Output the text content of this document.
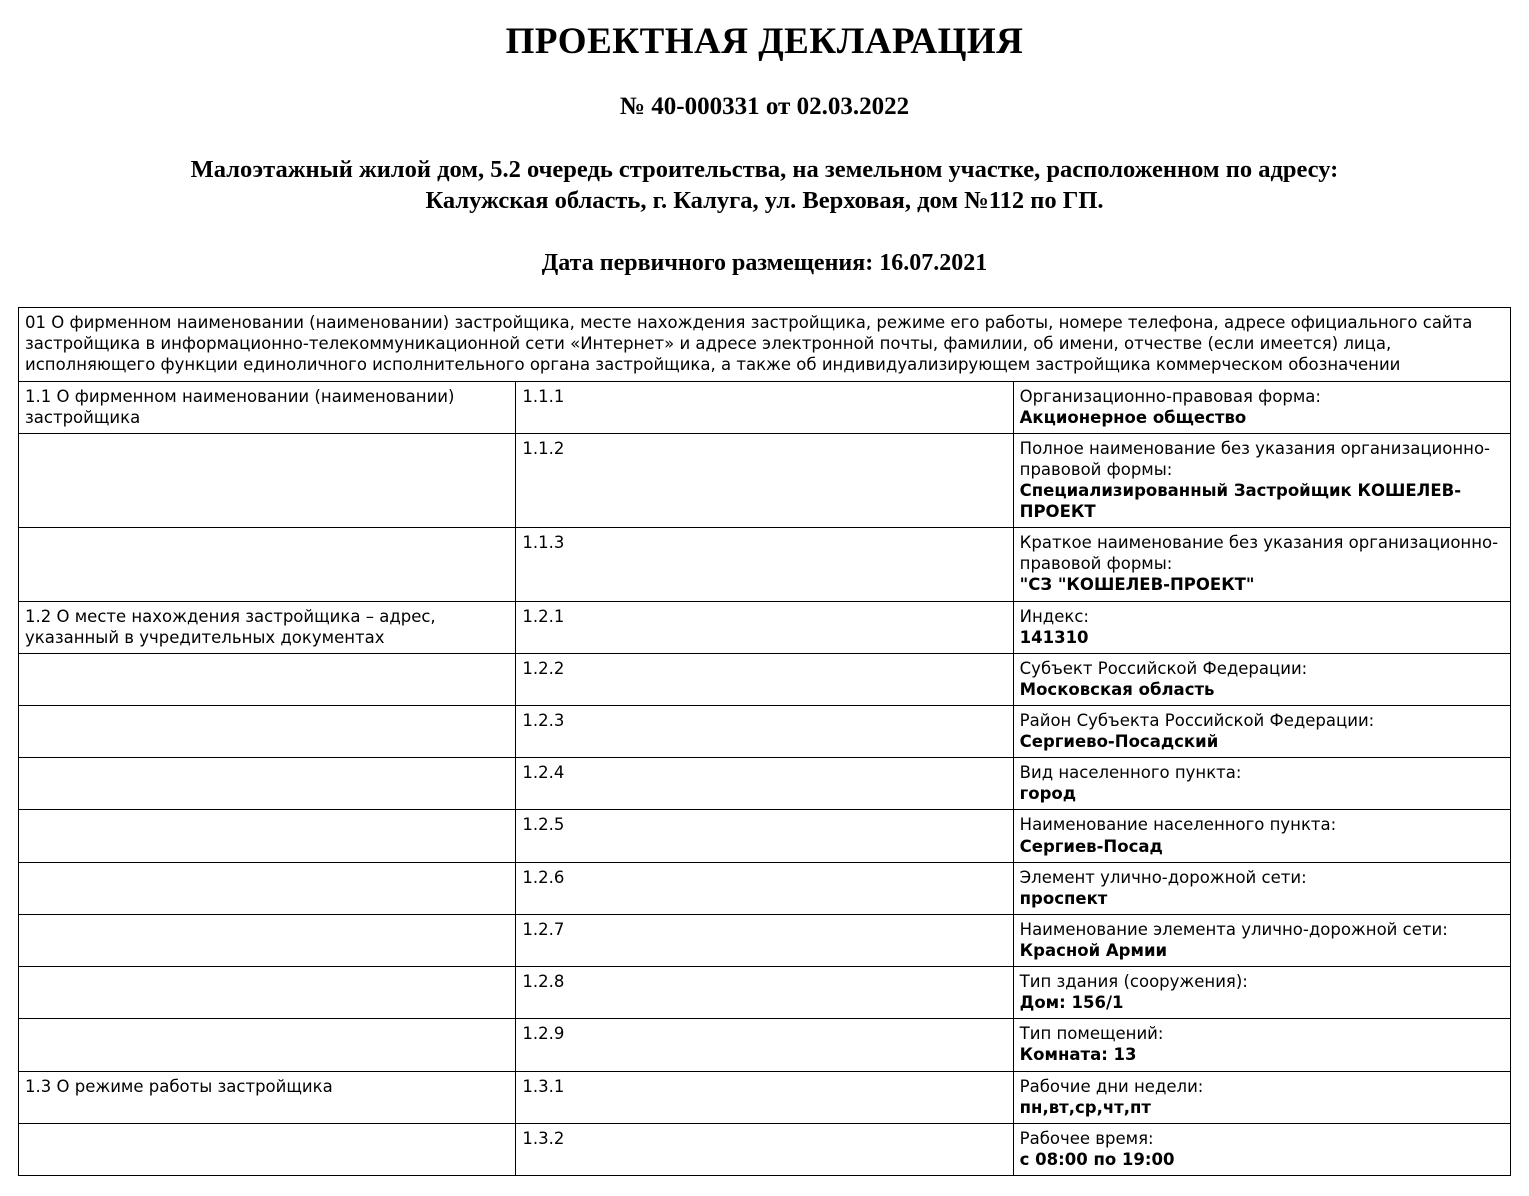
ПРОЕКТНАЯ ДЕКЛАРАЦИЯ
№ 40-000331 от 02.03.2022
Малоэтажный жилой дом, 5.2 очередь строительства, на земельном участке, расположенном по адресу:
Калужская область, г. Калуга, ул. Верховая, дом №112 по ГП.
Дата первичного размещения: 16.07.2021
01 О фирменном наименовании (наименовании) застройщика, месте нахождения застройщика, режиме его работы, номере телефона, адресе официального сайта застройщика в информационно-телекоммуникационной сети «Интернет» и адресе электронной почты, фамилии, об имени, отчестве (если имеется) лица, исполняющего функции единоличного исполнительного органа застройщика, а также об индивидуализирующем застройщика коммерческом обозначении		
1.1 О фирменном наименовании (наименовании) застройщика	1.1.1	Организационно-правовая форма:
Акционерное общество

	1.1.2	Полное наименование без указания организационно-правовой формы:
Специализированный Застройщик КОШЕЛЕВ-ПРОЕКТ

	1.1.3	Краткое наименование без указания организационно-правовой формы:
"СЗ "КОШЕЛЕВ-ПРОЕКТ"

1.2 О месте нахождения застройщика – адрес, указанный в учредительных документах	1.2.1	Индекс:
141310

	1.2.2	Субъект Российской Федерации:
Московская область

	1.2.3	Район Субъекта Российской Федерации:
Сергиево-Посадский

	1.2.4	Вид населенного пункта:
город

	1.2.5	Наименование населенного пункта:
Сергиев-Посад

	1.2.6	Элемент улично-дорожной сети:
проспект

	1.2.7	Наименование элемента улично-дорожной сети:
Красной Армии

	1.2.8	Тип здания (сооружения):
Дом: 156/1

	1.2.9	Тип помещений:
Комната: 13

1.3 О режиме работы застройщика	1.3.1	Рабочие дни недели:
пн,вт,ср,чт,пт

	1.3.2	Рабочее время:
с 08:00 по 19:00
